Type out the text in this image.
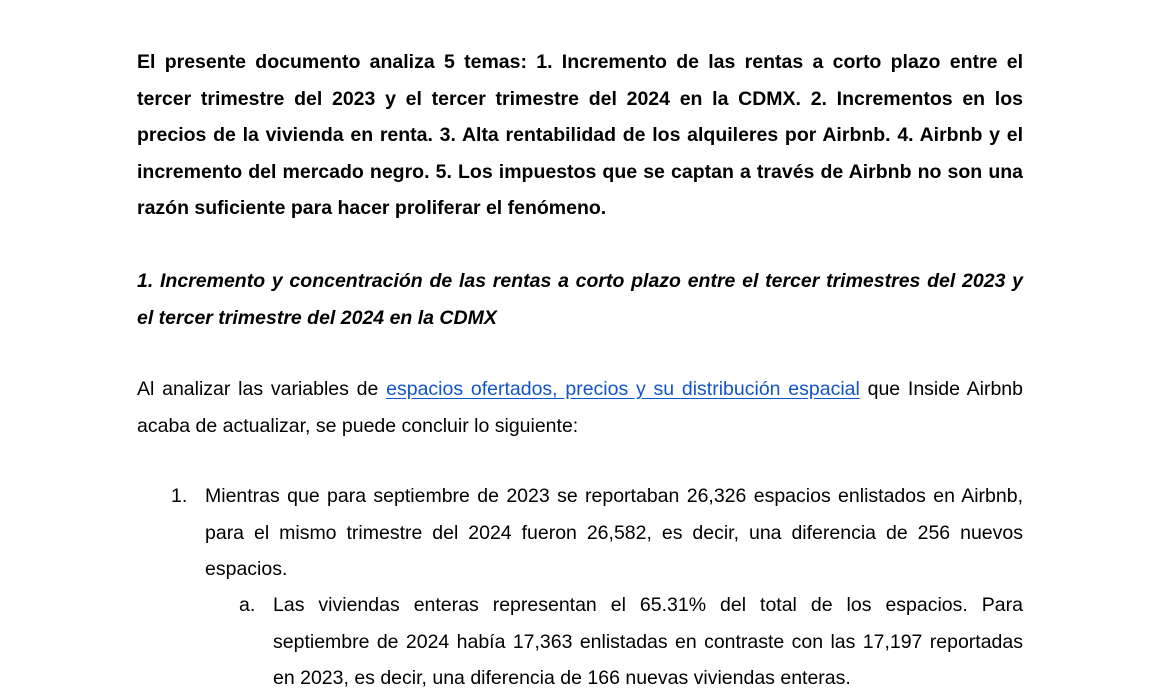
El presente documento analiza 5 temas: 1. Incremento de las rentas a corto plazo entre el tercer trimestre del 2023 y el tercer trimestre del 2024 en la CDMX. 2. Incrementos en los precios de la vivienda en renta. 3. Alta rentabilidad de los alquileres por Airbnb. 4. Airbnb y el incremento del mercado negro. 5. Los impuestos que se captan a través de Airbnb no son una razón suficiente para hacer proliferar el fenómeno.

1. Incremento y concentración de las rentas a corto plazo entre el tercer trimestres del 2023 y el tercer trimestre del 2024 en la CDMX

Al analizar las variables de espacios ofertados, precios y su distribución espacial que Inside Airbnb acaba de actualizar, se puede concluir lo siguiente:

1. Mientras que para septiembre de 2023 se reportaban 26,326 espacios enlistados en Airbnb, para el mismo trimestre del 2024 fueron 26,582, es decir, una diferencia de 256 nuevos espacios.
a. Las viviendas enteras representan el 65.31% del total de los espacios. Para septiembre de 2024 había 17,363 enlistadas en contraste con las 17,197 reportadas en 2023, es decir, una diferencia de 166 nuevas viviendas enteras.
